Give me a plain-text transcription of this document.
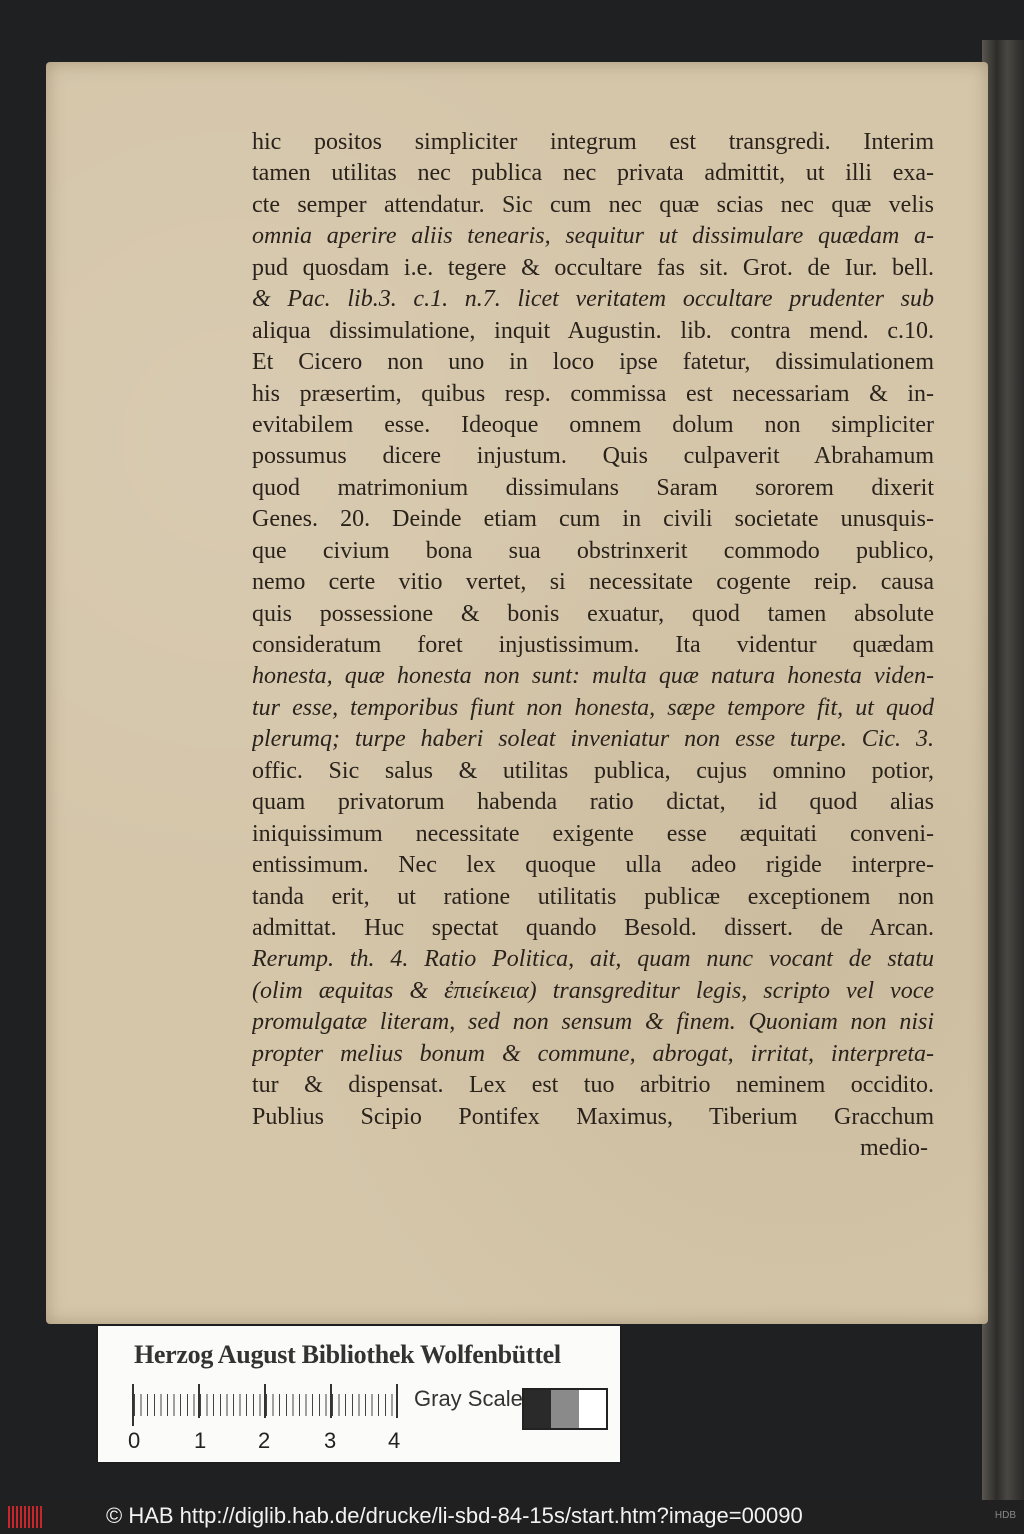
hic positos simpliciter integrum est transgredi. Interim
tamen utilitas nec publica nec privata admittit, ut illi exa-
cte semper attendatur. Sic cum nec quæ scias nec quæ velis
omnia aperire aliis tenearis, sequitur ut dissimulare quædam a-
pud quosdam i.e. tegere & occultare fas sit. Grot. de Iur. bell.
& Pac. lib.3. c.1. n.7. licet veritatem occultare prudenter sub
aliqua dissimulatione, inquit Augustin. lib. contra mend. c.10.
Et Cicero non uno in loco ipse fatetur, dissimulationem
his præsertim, quibus resp. commissa est necessariam & in-
evitabilem esse. Ideoque omnem dolum non simpliciter
possumus dicere injustum. Quis culpaverit Abrahamum
quod matrimonium dissimulans Saram sororem dixerit
Genes. 20. Deinde etiam cum in civili societate unusquis-
que civium bona sua obstrinxerit commodo publico,
nemo certe vitio vertet, si necessitate cogente reip. causa
quis possessione & bonis exuatur, quod tamen absolute
consideratum foret injustissimum. Ita videntur quædam
honesta, quæ honesta non sunt: multa quæ natura honesta viden-
tur esse, temporibus fiunt non honesta, sæpe tempore fit, ut quod
plerumq; turpe haberi soleat inveniatur non esse turpe. Cic. 3.
offic. Sic salus & utilitas publica, cujus omnino potior,
quam privatorum habenda ratio dictat, id quod alias
iniquissimum necessitate exigente esse æquitati conveni-
entissimum. Nec lex quoque ulla adeo rigide interpre-
tanda erit, ut ratione utilitatis publicæ exceptionem non
admittat. Huc spectat quando Besold. dissert. de Arcan.
Rerump. th. 4. Ratio Politica, ait, quam nunc vocant de statu
(olim æquitas & ἐπιείκεια) transgreditur legis, scripto vel voce
promulgatæ literam, sed non sensum & finem. Quoniam non nisi
propter melius bonum & commune, abrogat, irritat, interpreta-
tur & dispensat. Lex est tuo arbitrio neminem occidito.
Publius Scipio Pontifex Maximus, Tiberium Gracchum
medio-
Herzog August Bibliothek Wolfenbüttel
0 1 2 3 4
Gray Scale
© HAB http://diglib.hab.de/drucke/li-sbd-84-15s/start.htm?image=00090	HDB
